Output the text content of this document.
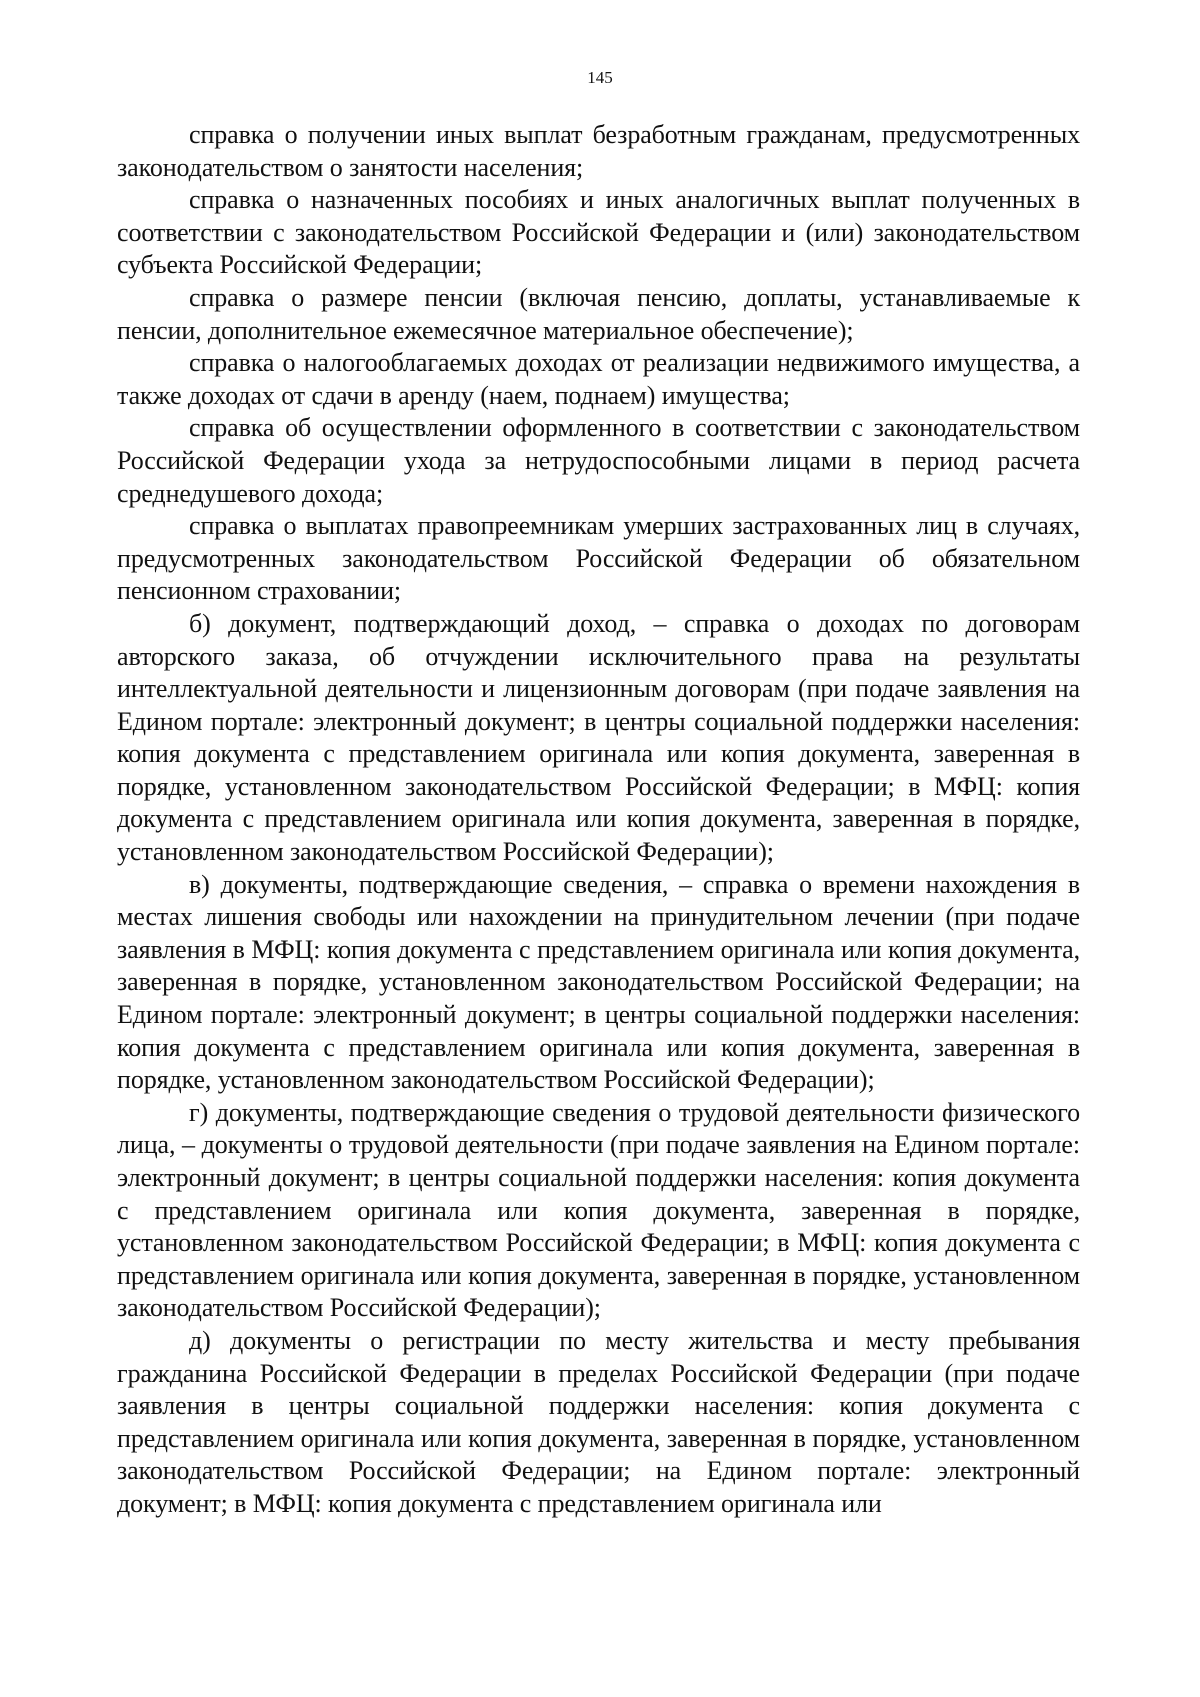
145

справка о получении иных выплат безработным гражданам, предусмотренных законодательством о занятости населения;

справка о назначенных пособиях и иных аналогичных выплат полученных в соответствии с законодательством Российской Федерации и (или) законодательством субъекта Российской Федерации;

справка о размере пенсии (включая пенсию, доплаты, устанавливаемые к пенсии, дополнительное ежемесячное материальное обеспечение);

справка о налогооблагаемых доходах от реализации недвижимого имущества, а также доходах от сдачи в аренду (наем, поднаем) имущества;

справка об осуществлении оформленного в соответствии с законодательством Российской Федерации ухода за нетрудоспособными лицами в период расчета среднедушевого дохода;

справка о выплатах правопреемникам умерших застрахованных лиц в случаях, предусмотренных законодательством Российской Федерации об обязательном пенсионном страховании;

б) документ, подтверждающий доход, – справка о доходах по договорам авторского заказа, об отчуждении исключительного права на результаты интеллектуальной деятельности и лицензионным договорам (при подаче заявления на Едином портале: электронный документ; в центры социальной поддержки населения: копия документа с представлением оригинала или копия документа, заверенная в порядке, установленном законодательством Российской Федерации; в МФЦ: копия документа с представлением оригинала или копия документа, заверенная в порядке, установленном законодательством Российской Федерации);

в) документы, подтверждающие сведения, – справка о времени нахождения в местах лишения свободы или нахождении на принудительном лечении (при подаче заявления в МФЦ: копия документа с представлением оригинала или копия документа, заверенная в порядке, установленном законодательством Российской Федерации; на Едином портале: электронный документ; в центры социальной поддержки населения: копия документа с представлением оригинала или копия документа, заверенная в порядке, установленном законодательством Российской Федерации);

г) документы, подтверждающие сведения о трудовой деятельности физического лица, – документы о трудовой деятельности (при подаче заявления на Едином портале: электронный документ; в центры социальной поддержки населения: копия документа с представлением оригинала или копия документа, заверенная в порядке, установленном законодательством Российской Федерации; в МФЦ: копия документа с представлением оригинала или копия документа, заверенная в порядке, установленном законодательством Российской Федерации);

д) документы о регистрации по месту жительства и месту пребывания гражданина Российской Федерации в пределах Российской Федерации (при подаче заявления в центры социальной поддержки населения: копия документа с представлением оригинала или копия документа, заверенная в порядке, установленном законодательством Российской Федерации; на Едином портале: электронный документ; в МФЦ: копия документа с представлением оригинала или
